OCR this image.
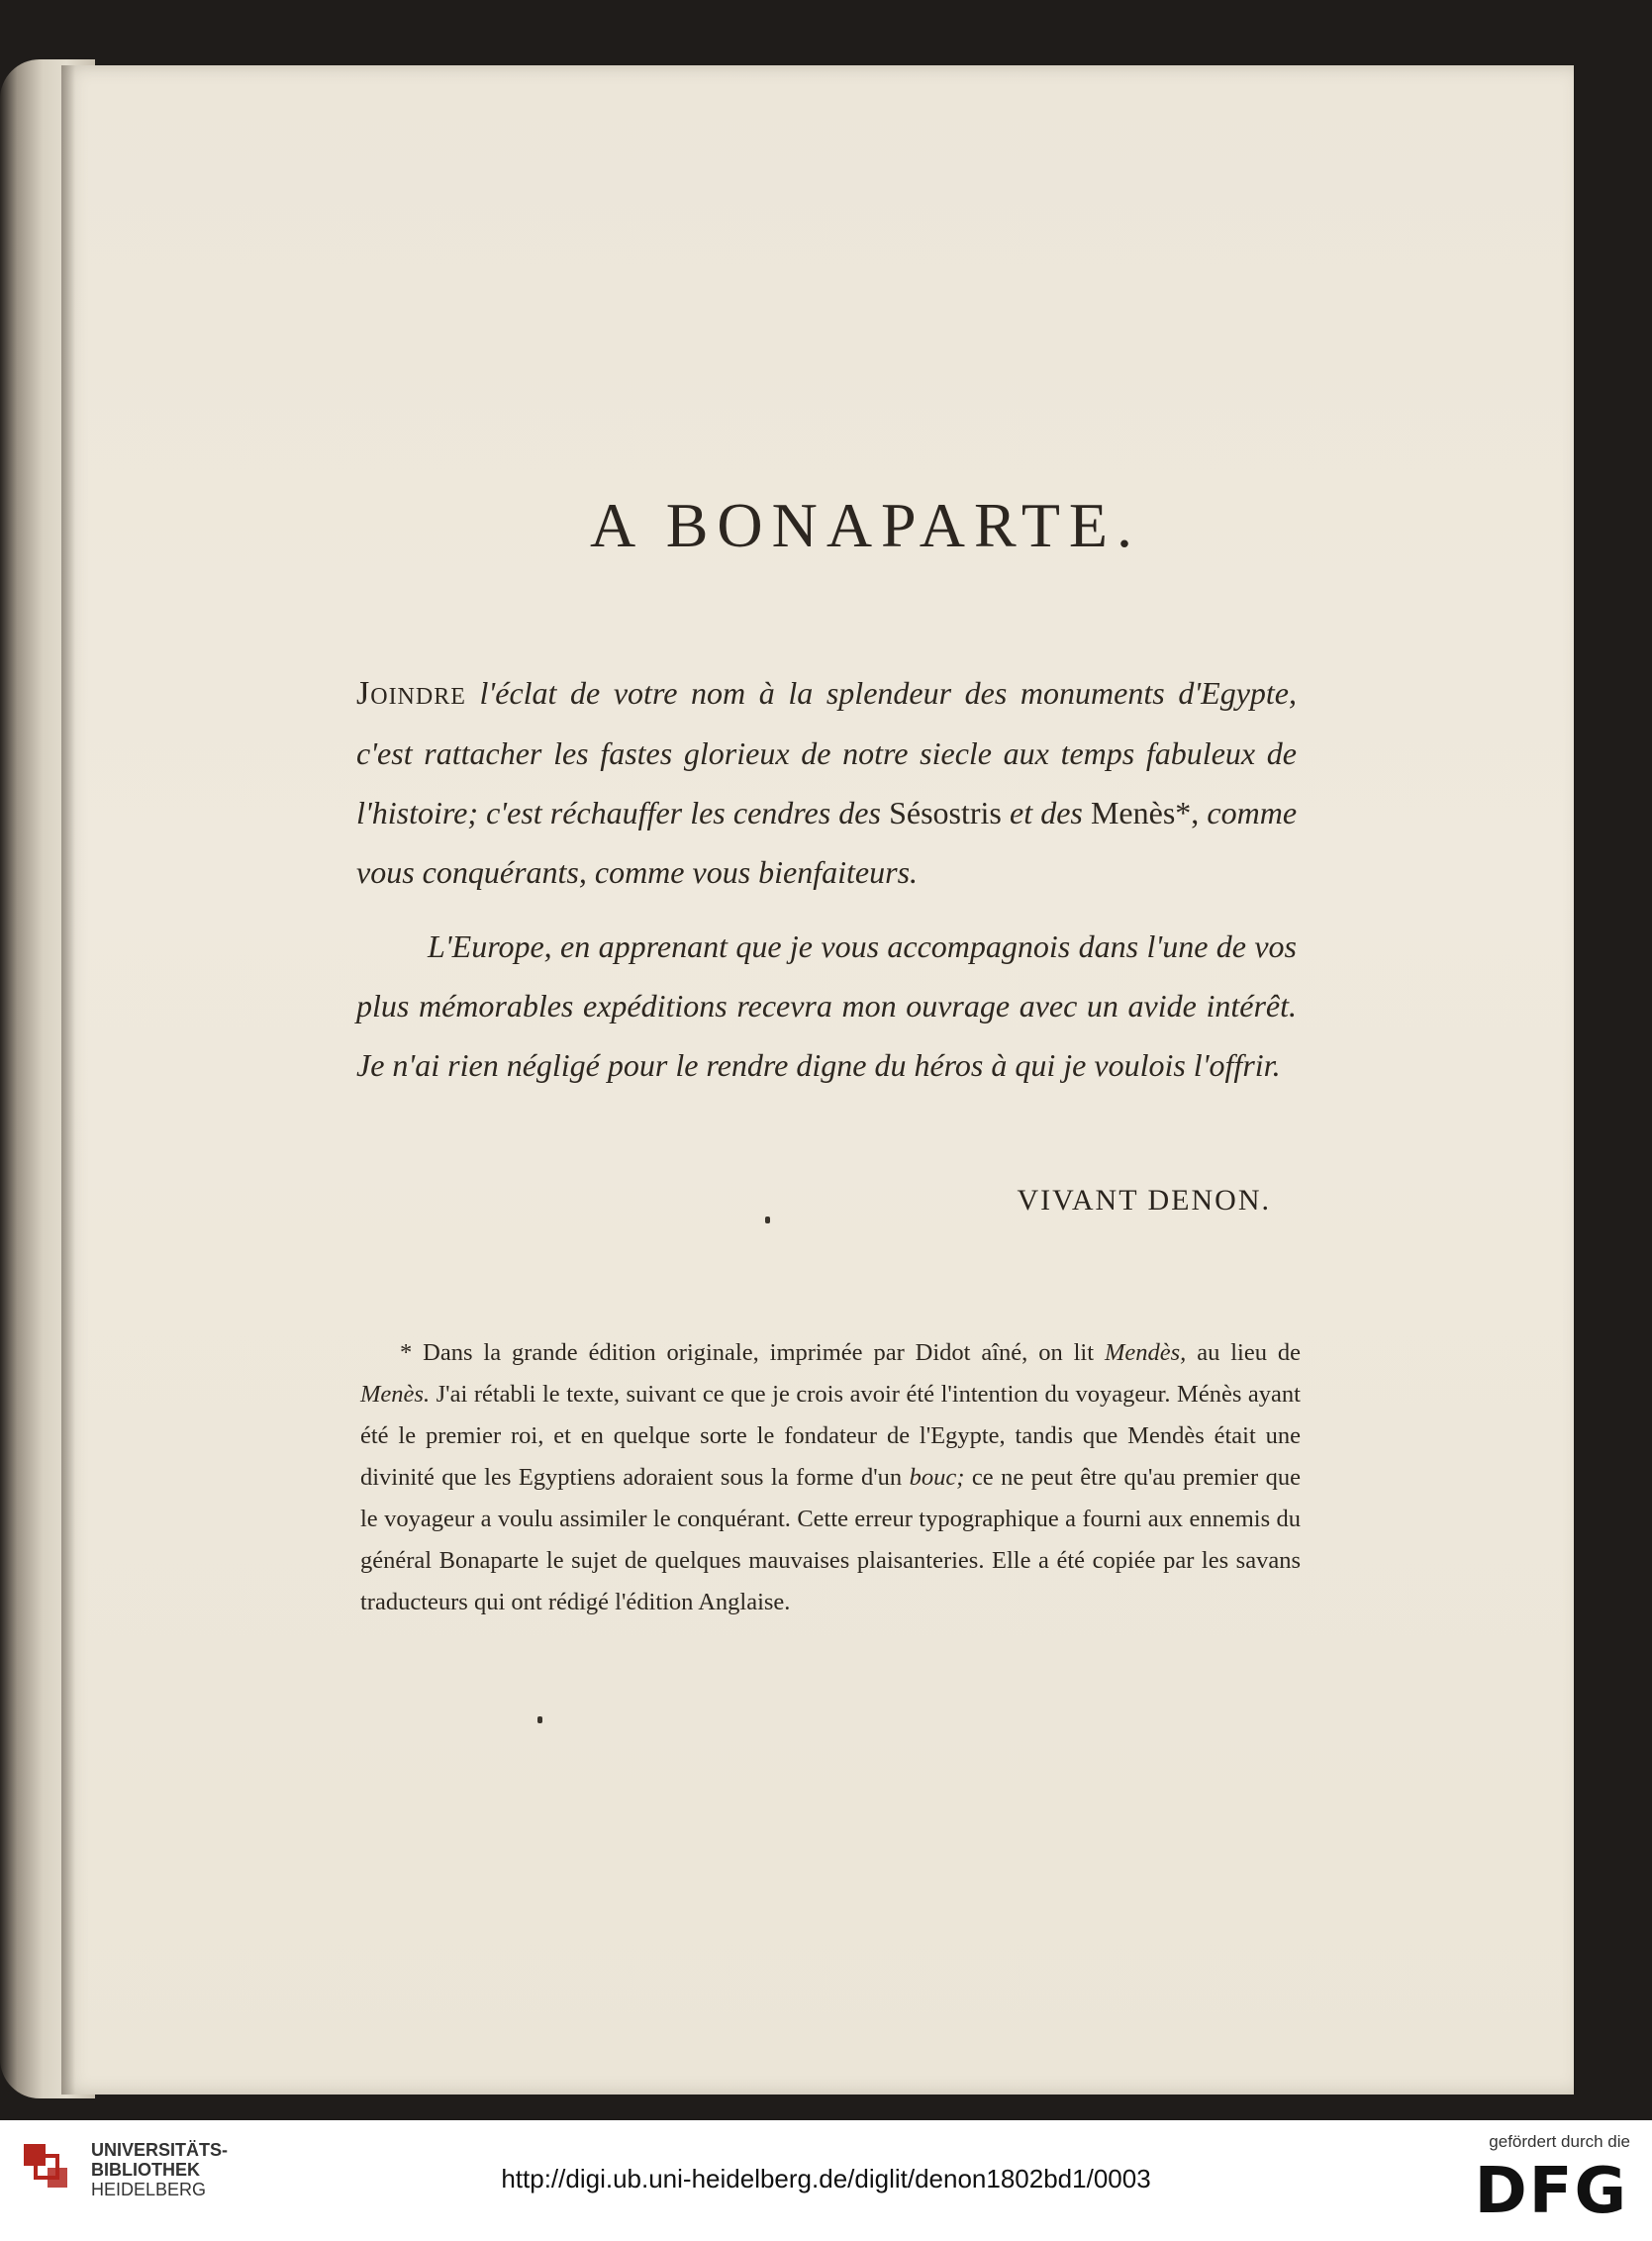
A BONAPARTE.
Joindre l'éclat de votre nom à la splendeur des monuments d'Egypte, c'est rattacher les fastes glorieux de notre siecle aux temps fabuleux de l'histoire; c'est réchauffer les cendres des Sésostris et des Menès*, comme vous conquérants, comme vous bienfaiteurs.
L'Europe, en apprenant que je vous accompagnois dans l'une de vos plus mémorables expéditions recevra mon ouvrage avec un avide intérêt. Je n'ai rien négligé pour le rendre digne du héros à qui je voulois l'offrir.
VIVANT DENON.
* Dans la grande édition originale, imprimée par Didot aîné, on lit Mendès, au lieu de Menès. J'ai rétabli le texte, suivant ce que je crois avoir été l'intention du voyageur. Ménès ayant été le premier roi, et en quelque sorte le fondateur de l'Egypte, tandis que Mendès était une divinité que les Egyptiens adoraient sous la forme d'un bouc; ce ne peut être qu'au premier que le voyageur a voulu assimiler le conquérant. Cette erreur typographique a fourni aux ennemis du général Bonaparte le sujet de quelques mauvaises plaisanteries. Elle a été copiée par les savans traducteurs qui ont rédigé l'édition Anglaise.
UNIVERSITÄTS-
BIBLIOTHEK
HEIDELBERG	http://digi.ub.uni-heidelberg.de/diglit/denon1802bd1/0003
gefördert durch die
DFG
